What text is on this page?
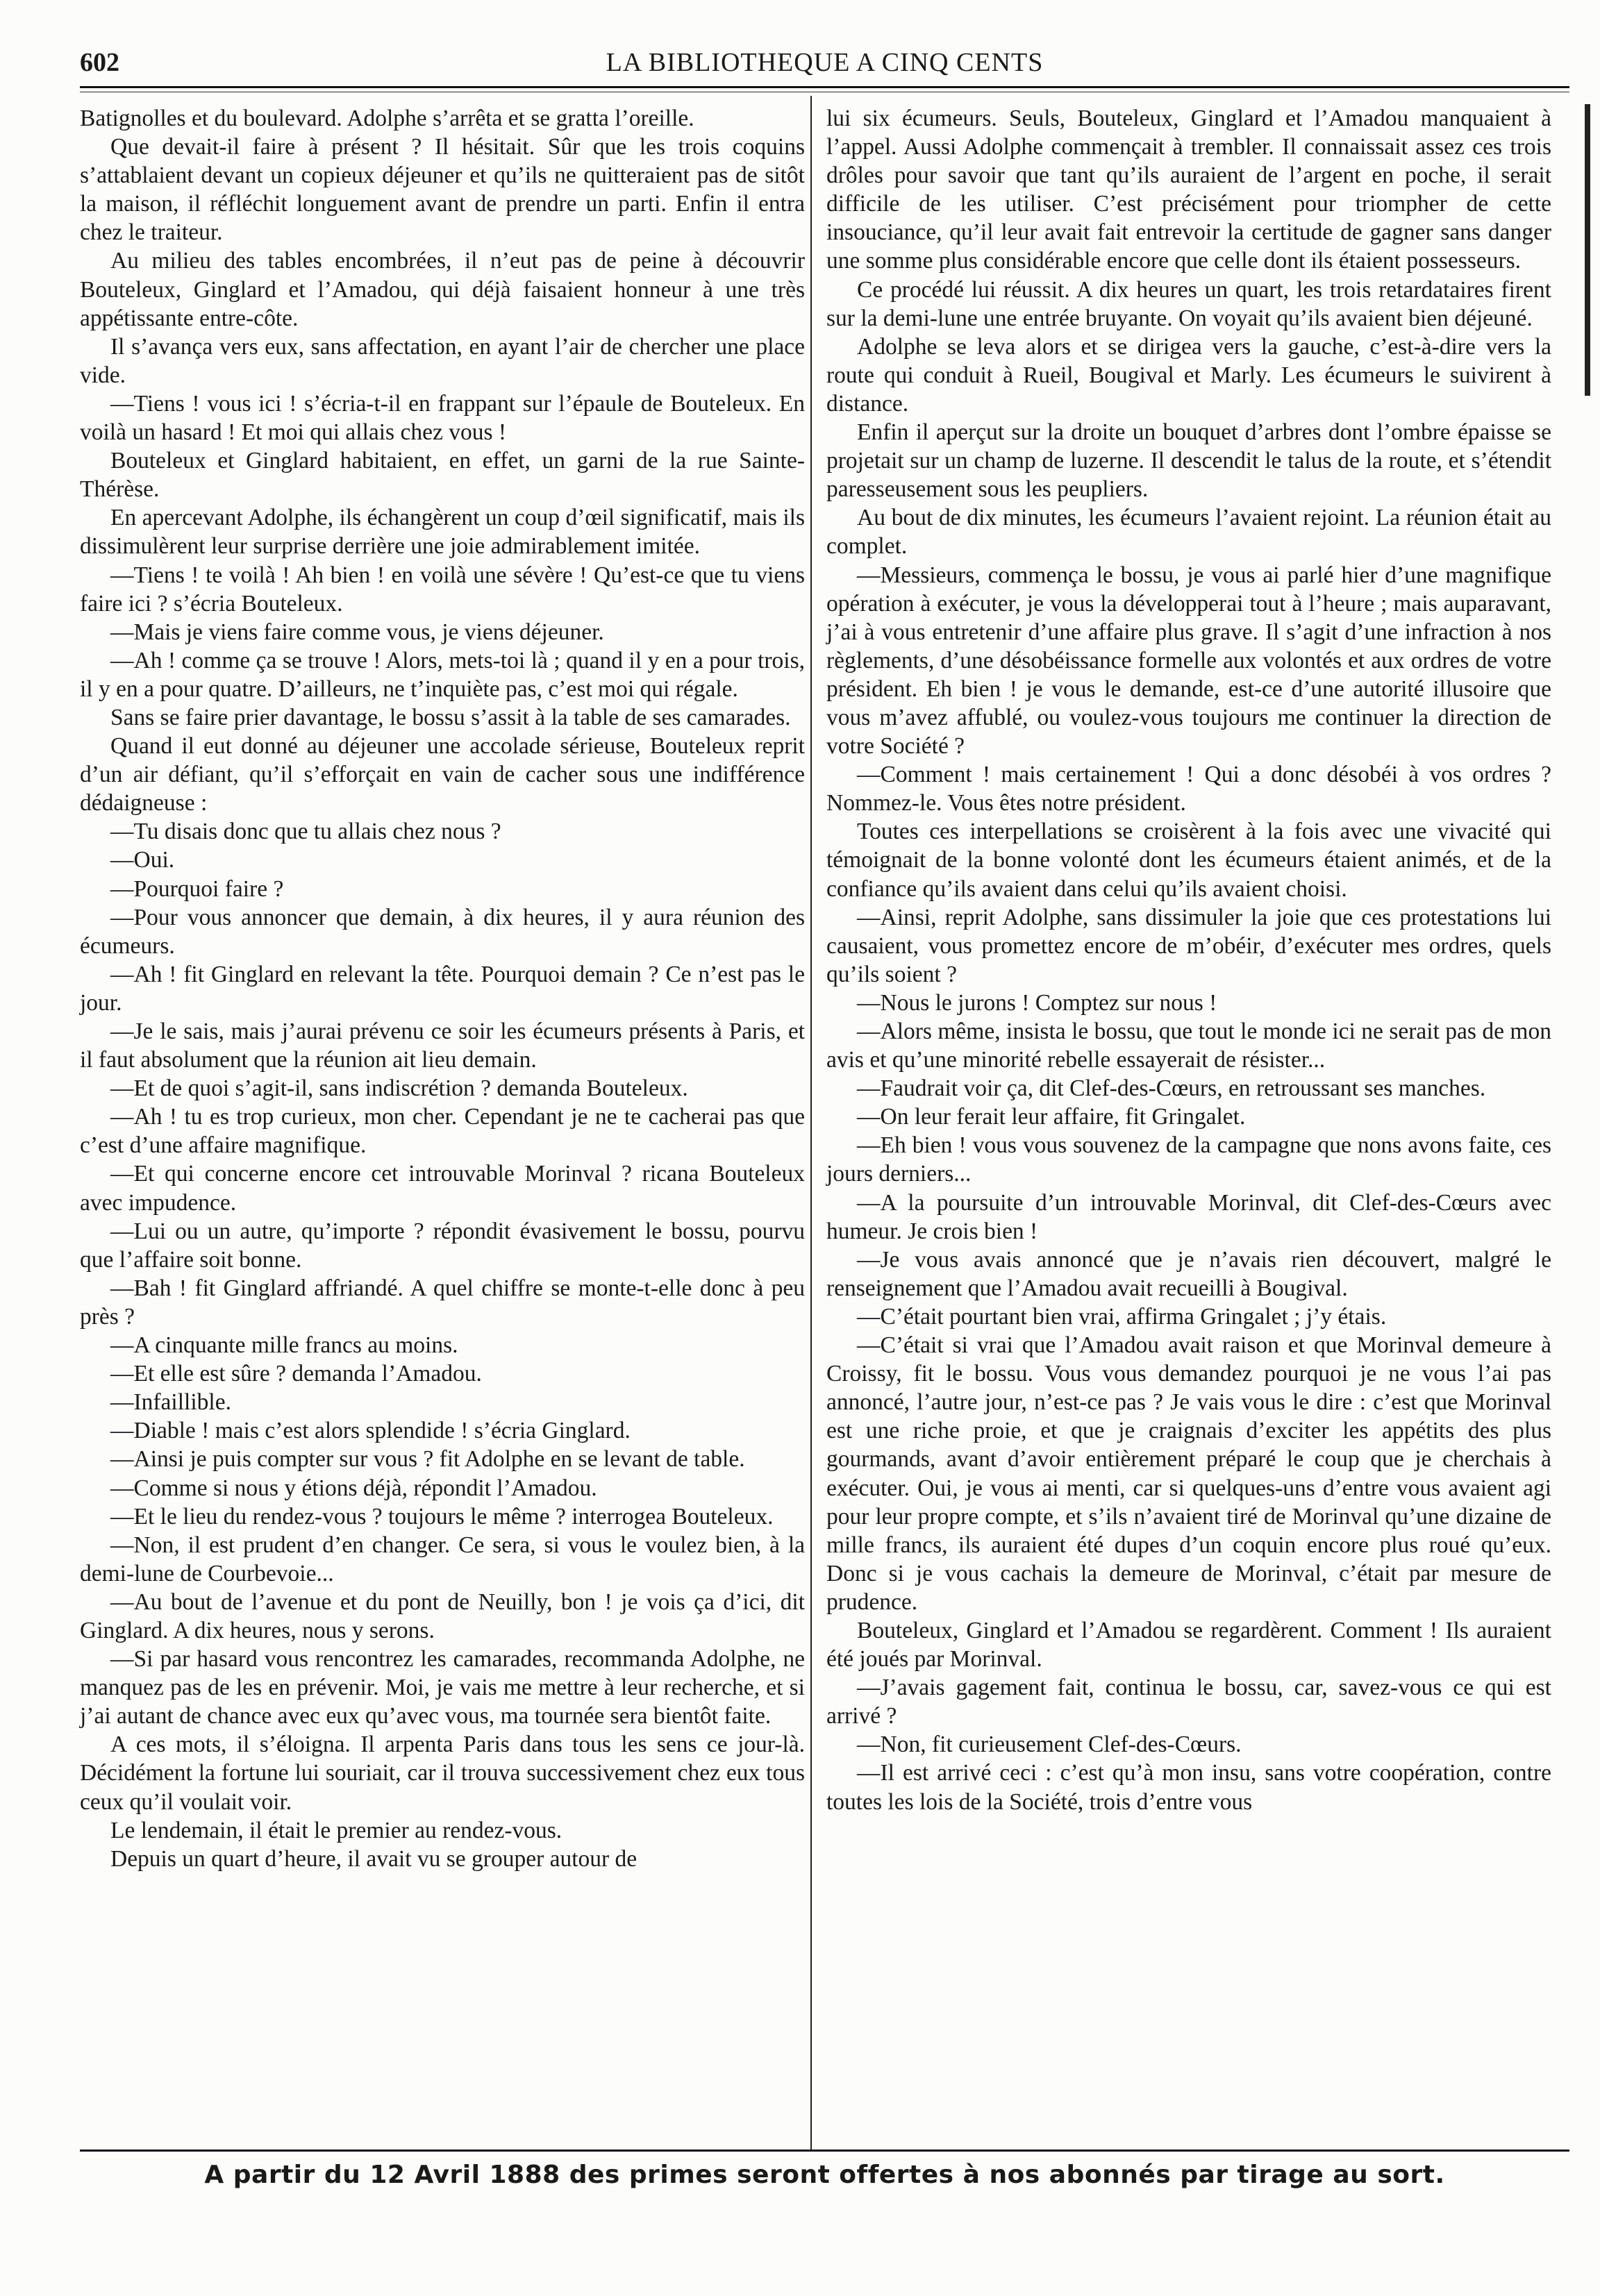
602	LA BIBLIOTHEQUE A CINQ CENTS

Batignolles et du boulevard. Adolphe s’arrêta et se gratta l’oreille.

Que devait-il faire à présent ? Il hésitait. Sûr que les trois coquins s’attablaient devant un copieux déjeuner et qu’ils ne quitteraient pas de sitôt la maison, il réfléchit longuement avant de prendre un parti. Enfin il entra chez le traiteur.

Au milieu des tables encombrées, il n’eut pas de peine à découvrir Bouteleux, Ginglard et l’Amadou, qui déjà faisaient honneur à une très appétissante entre-côte.

Il s’avança vers eux, sans affectation, en ayant l’air de chercher une place vide.

—Tiens ! vous ici ! s’écria-t-il en frappant sur l’épaule de Bouteleux. En voilà un hasard ! Et moi qui allais chez vous !

Bouteleux et Ginglard habitaient, en effet, un garni de la rue Sainte-Thérèse.

En apercevant Adolphe, ils échangèrent un coup d’œil significatif, mais ils dissimulèrent leur surprise derrière une joie admirablement imitée.

—Tiens ! te voilà ! Ah bien ! en voilà une sévère ! Qu’est-ce que tu viens faire ici ? s’écria Bouteleux.

—Mais je viens faire comme vous, je viens déjeuner.

—Ah ! comme ça se trouve ! Alors, mets-toi là ; quand il y en a pour trois, il y en a pour quatre. D’ailleurs, ne t’inquiète pas, c’est moi qui régale.

Sans se faire prier davantage, le bossu s’assit à la table de ses camarades.

Quand il eut donné au déjeuner une accolade sérieuse, Bouteleux reprit d’un air défiant, qu’il s’efforçait en vain de cacher sous une indifférence dédaigneuse :

—Tu disais donc que tu allais chez nous ?

—Oui.

—Pourquoi faire ?

—Pour vous annoncer que demain, à dix heures, il y aura réunion des écumeurs.

—Ah ! fit Ginglard en relevant la tête. Pourquoi demain ? Ce n’est pas le jour.

—Je le sais, mais j’aurai prévenu ce soir les écumeurs présents à Paris, et il faut absolument que la réunion ait lieu demain.

—Et de quoi s’agit-il, sans indiscrétion ? demanda Bouteleux.

—Ah ! tu es trop curieux, mon cher. Cependant je ne te cacherai pas que c’est d’une affaire magnifique.

—Et qui concerne encore cet introuvable Morinval ? ricana Bouteleux avec impudence.

—Lui ou un autre, qu’importe ? répondit évasivement le bossu, pourvu que l’affaire soit bonne.

—Bah ! fit Ginglard affriandé. A quel chiffre se monte-t-elle donc à peu près ?

—A cinquante mille francs au moins.

—Et elle est sûre ? demanda l’Amadou.

—Infaillible.

—Diable ! mais c’est alors splendide ! s’écria Ginglard.

—Ainsi je puis compter sur vous ? fit Adolphe en se levant de table.

—Comme si nous y étions déjà, répondit l’Amadou.

—Et le lieu du rendez-vous ? toujours le même ? interrogea Bouteleux.

—Non, il est prudent d’en changer. Ce sera, si vous le voulez bien, à la demi-lune de Courbevoie...

—Au bout de l’avenue et du pont de Neuilly, bon ! je vois ça d’ici, dit Ginglard. A dix heures, nous y serons.

—Si par hasard vous rencontrez les camarades, recommanda Adolphe, ne manquez pas de les en prévenir. Moi, je vais me mettre à leur recherche, et si j’ai autant de chance avec eux qu’avec vous, ma tournée sera bientôt faite.

A ces mots, il s’éloigna. Il arpenta Paris dans tous les sens ce jour-là. Décidément la fortune lui souriait, car il trouva successivement chez eux tous ceux qu’il voulait voir.

Le lendemain, il était le premier au rendez-vous.

Depuis un quart d’heure, il avait vu se grouper autour de

lui six écumeurs. Seuls, Bouteleux, Ginglard et l’Amadou manquaient à l’appel. Aussi Adolphe commençait à trembler. Il connaissait assez ces trois drôles pour savoir que tant qu’ils auraient de l’argent en poche, il serait difficile de les utiliser. C’est précisément pour triompher de cette insouciance, qu’il leur avait fait entrevoir la certitude de gagner sans danger une somme plus considérable encore que celle dont ils étaient possesseurs.

Ce procédé lui réussit. A dix heures un quart, les trois retardataires firent sur la demi-lune une entrée bruyante. On voyait qu’ils avaient bien déjeuné.

Adolphe se leva alors et se dirigea vers la gauche, c’est-à-dire vers la route qui conduit à Rueil, Bougival et Marly. Les écumeurs le suivirent à distance.

Enfin il aperçut sur la droite un bouquet d’arbres dont l’ombre épaisse se projetait sur un champ de luzerne. Il descendit le talus de la route, et s’étendit paresseusement sous les peupliers.

Au bout de dix minutes, les écumeurs l’avaient rejoint. La réunion était au complet.

—Messieurs, commença le bossu, je vous ai parlé hier d’une magnifique opération à exécuter, je vous la développerai tout à l’heure ; mais auparavant, j’ai à vous entretenir d’une affaire plus grave. Il s’agit d’une infraction à nos règlements, d’une désobéissance formelle aux volontés et aux ordres de votre président. Eh bien ! je vous le demande, est-ce d’une autorité illusoire que vous m’avez affublé, ou voulez-vous toujours me continuer la direction de votre Société ?

—Comment ! mais certainement ! Qui a donc désobéi à vos ordres ? Nommez-le. Vous êtes notre président.

Toutes ces interpellations se croisèrent à la fois avec une vivacité qui témoignait de la bonne volonté dont les écumeurs étaient animés, et de la confiance qu’ils avaient dans celui qu’ils avaient choisi.

—Ainsi, reprit Adolphe, sans dissimuler la joie que ces protestations lui causaient, vous promettez encore de m’obéir, d’exécuter mes ordres, quels qu’ils soient ?

—Nous le jurons ! Comptez sur nous !

—Alors même, insista le bossu, que tout le monde ici ne serait pas de mon avis et qu’une minorité rebelle essayerait de résister...

—Faudrait voir ça, dit Clef-des-Cœurs, en retroussant ses manches.

—On leur ferait leur affaire, fit Gringalet.

—Eh bien ! vous vous souvenez de la campagne que nons avons faite, ces jours derniers...

—A la poursuite d’un introuvable Morinval, dit Clef-des-Cœurs avec humeur. Je crois bien !

—Je vous avais annoncé que je n’avais rien découvert, malgré le renseignement que l’Amadou avait recueilli à Bougival.

—C’était pourtant bien vrai, affirma Gringalet ; j’y étais.

—C’était si vrai que l’Amadou avait raison et que Morinval demeure à Croissy, fit le bossu. Vous vous demandez pourquoi je ne vous l’ai pas annoncé, l’autre jour, n’est-ce pas ? Je vais vous le dire : c’est que Morinval est une riche proie, et que je craignais d’exciter les appétits des plus gourmands, avant d’avoir entièrement préparé le coup que je cherchais à exécuter. Oui, je vous ai menti, car si quelques-uns d’entre vous avaient agi pour leur propre compte, et s’ils n’avaient tiré de Morinval qu’une dizaine de mille francs, ils auraient été dupes d’un coquin encore plus roué qu’eux. Donc si je vous cachais la demeure de Morinval, c’était par mesure de prudence.

Bouteleux, Ginglard et l’Amadou se regardèrent. Comment ! Ils auraient été joués par Morinval.

—J’avais gagement fait, continua le bossu, car, savez-vous ce qui est arrivé ?

—Non, fit curieusement Clef-des-Cœurs.

—Il est arrivé ceci : c’est qu’à mon insu, sans votre coopération, contre toutes les lois de la Société, trois d’entre vous

A partir du 12 Avril 1888 des primes seront offertes à nos abonnés par tirage au sort.
